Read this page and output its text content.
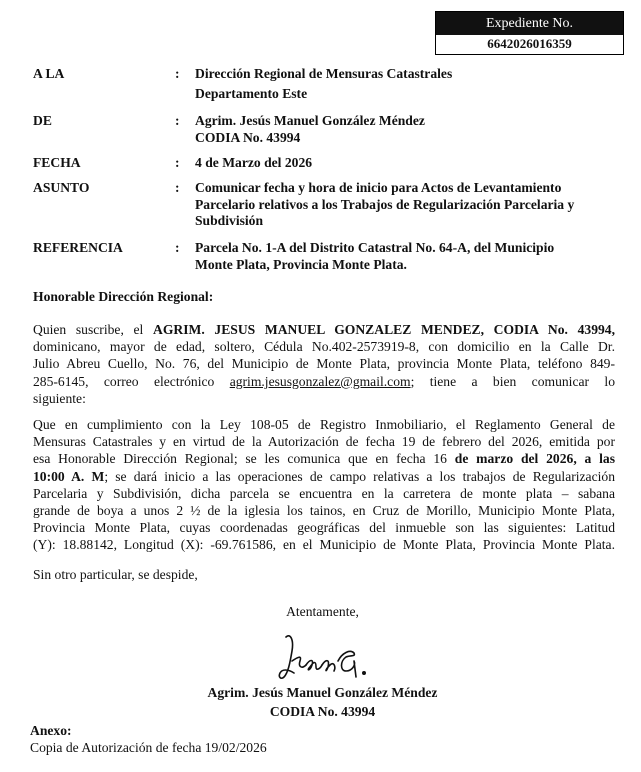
Expediente No.
6642026016359
A LA	: Dirección Regional de Mensuras Catastrales
Departamento Este
DE	: Agrim. Jesús Manuel González Méndez
CODIA No. 43994
FECHA	: 4 de Marzo del 2026
ASUNTO	: Comunicar fecha y hora de inicio para Actos de Levantamiento
Parcelario relativos a los Trabajos de Regularización Parcelaria y
Subdivisión
REFERENCIA	: Parcela No. 1-A del Distrito Catastral No. 64-A, del Municipio
Monte Plata, Provincia Monte Plata.
Honorable Dirección Regional:
Quien suscribe, el AGRIM. JESUS MANUEL GONZALEZ MENDEZ, CODIA No. 43994,
dominicano, mayor de edad, soltero, Cédula No.402-2573919-8, con domicilio en la Calle Dr.
Julio Abreu Cuello, No. 76, del Municipio de Monte Plata, provincia Monte Plata, teléfono 849-
285-6145, correo electrónico agrim.jesusgonzalez@gmail.com; tiene a bien comunicar lo
siguiente:
Que en cumplimiento con la Ley 108-05 de Registro Inmobiliario, el Reglamento General de
Mensuras Catastrales y en virtud de la Autorización de fecha 19 de febrero del 2026, emitida por
esa Honorable Dirección Regional; se les comunica que en fecha 16 de marzo del 2026, a las
10:00 A. M; se dará inicio a las operaciones de campo relativas a los trabajos de Regularización
Parcelaria y Subdivisión, dicha parcela se encuentra en la carretera de monte plata – sabana
grande de boya a unos 2 ½ de la iglesia los tainos, en Cruz de Morillo, Municipio Monte Plata,
Provincia Monte Plata, cuyas coordenadas geográficas del inmueble son las siguientes: Latitud
(Y): 18.88142, Longitud (X): -69.761586, en el Municipio de Monte Plata, Provincia Monte Plata.
Sin otro particular, se despide,
Atentamente,
Agrim. Jesús Manuel González Méndez
CODIA No. 43994
Anexo:
Copia de Autorización de fecha 19/02/2026
